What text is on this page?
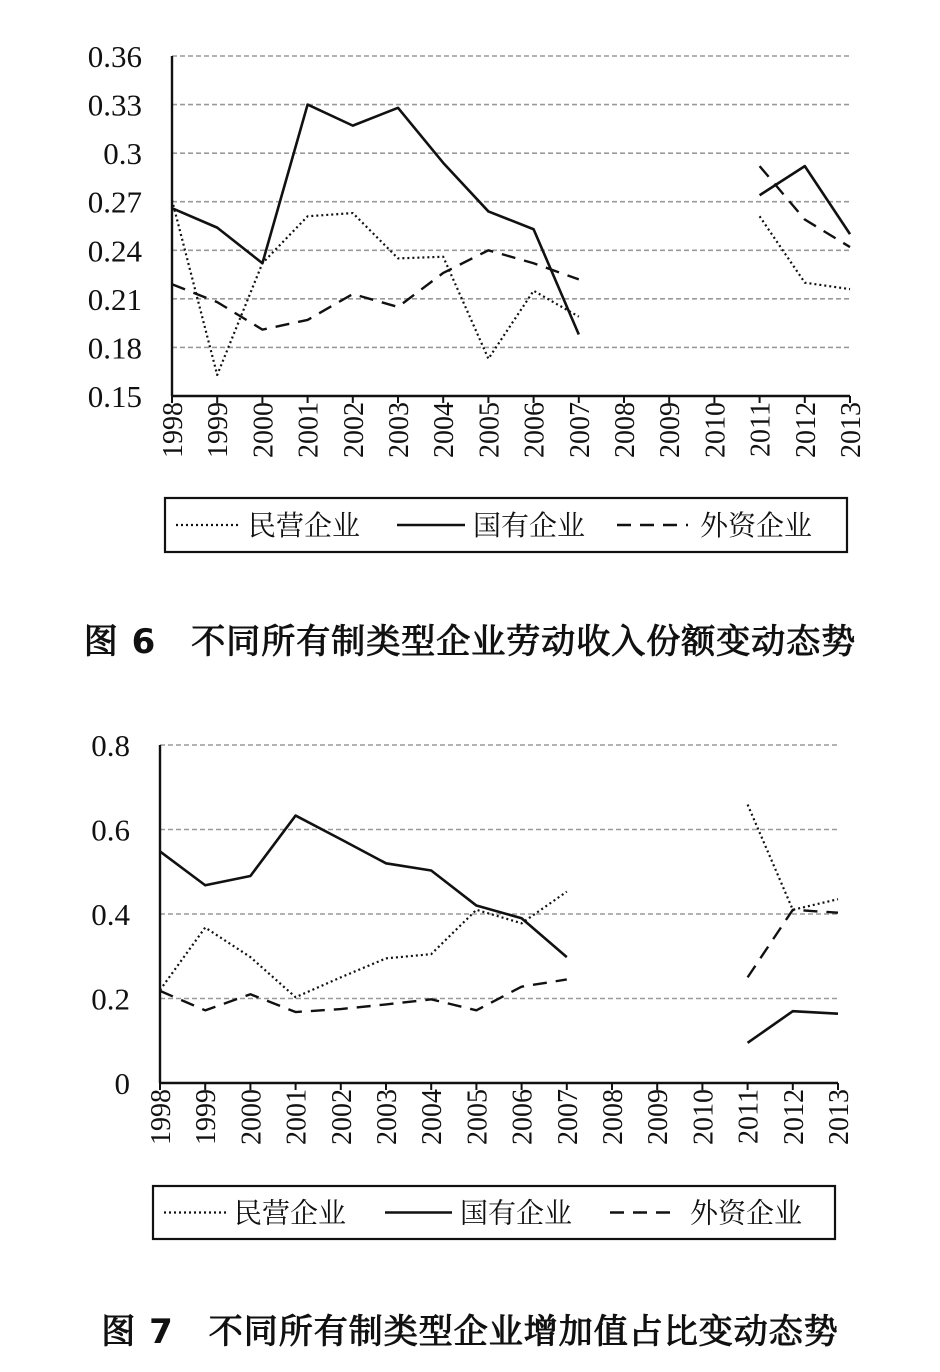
0.36
0.33
0.3
0.27
0.24
0.21
0.18
0.15
1998 1999 2000 2001 2002 2003 2004 2005 2006 2007 2008 2009 2010 2011 2012 2013
民营企业	国有企业	外资企业
图 6　不同所有制类型企业劳动收入份额变动态势
0.8
0.6
0.4
0.2
0
1998 1999 2000 2001 2002 2003 2004 2005 2006 2007 2008 2009 2010 2011 2012 2013
民营企业	国有企业	外资企业
图 7　不同所有制类型企业增加值占比变动态势
